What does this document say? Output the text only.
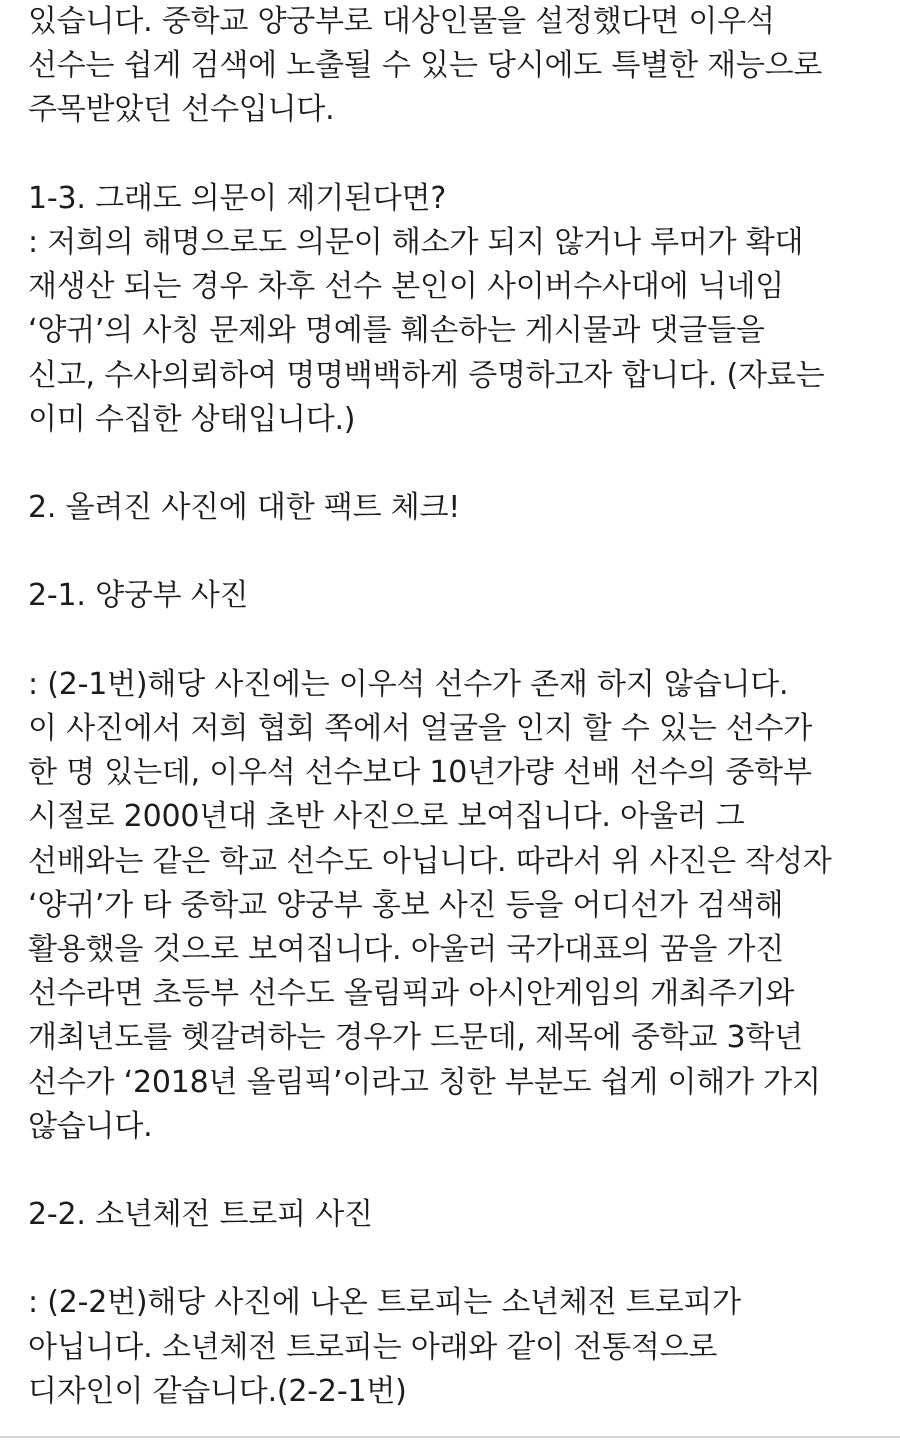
있습니다. 중학교 양궁부로 대상인물을 설정했다면 이우석
선수는 쉽게 검색에 노출될 수 있는 당시에도 특별한 재능으로
주목받았던 선수입니다.
1-3. 그래도 의문이 제기된다면?
: 저희의 해명으로도 의문이 해소가 되지 않거나 루머가 확대
재생산 되는 경우 차후 선수 본인이 사이버수사대에 닉네임
‘양귀’의 사칭 문제와 명예를 훼손하는 게시물과 댓글들을
신고, 수사의뢰하여 명명백백하게 증명하고자 합니다. (자료는
이미 수집한 상태입니다.)
2. 올려진 사진에 대한 팩트 체크!
2-1. 양궁부 사진
: (2-1번)해당 사진에는 이우석 선수가 존재 하지 않습니다.
이 사진에서 저희 협회 쪽에서 얼굴을 인지 할 수 있는 선수가
한 명 있는데, 이우석 선수보다 10년가량 선배 선수의 중학부
시절로 2000년대 초반 사진으로 보여집니다. 아울러 그
선배와는 같은 학교 선수도 아닙니다. 따라서 위 사진은 작성자
‘양귀’가 타 중학교 양궁부 홍보 사진 등을 어디선가 검색해
활용했을 것으로 보여집니다. 아울러 국가대표의 꿈을 가진
선수라면 초등부 선수도 올림픽과 아시안게임의 개최주기와
개최년도를 헷갈려하는 경우가 드문데, 제목에 중학교 3학년
선수가 ‘2018년 올림픽’이라고 칭한 부분도 쉽게 이해가 가지
않습니다.
2-2. 소년체전 트로피 사진
: (2-2번)해당 사진에 나온 트로피는 소년체전 트로피가
아닙니다. 소년체전 트로피는 아래와 같이 전통적으로
디자인이 같습니다.(2-2-1번)
